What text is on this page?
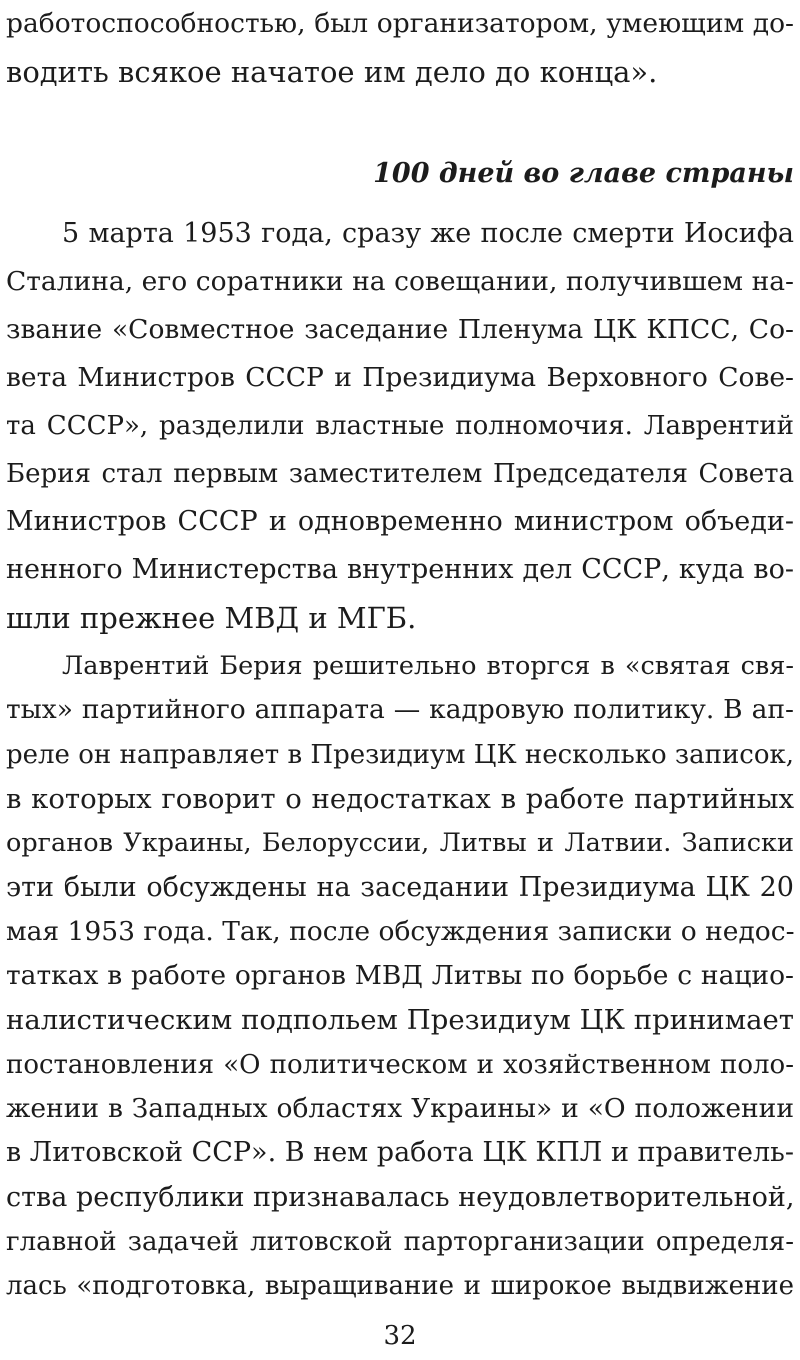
работоспособностью, был организатором, умеющим до-
водить всякое начатое им дело до конца».
100 дней во главе страны
5 марта 1953 года, сразу же после смерти Иосифа
Сталина, его соратники на совещании, получившем на-
звание «Совместное заседание Пленума ЦК КПСС, Со-
вета Министров СССР и Президиума Верховного Сове-
та СССР», разделили властные полномочия. Лаврентий
Берия стал первым заместителем Председателя Совета
Министров СССР и одновременно министром объеди-
ненного Министерства внутренних дел СССР, куда во-
шли прежнее МВД и МГБ.
Лаврентий Берия решительно вторгся в «святая свя-
тых» партийного аппарата — кадровую политику. В ап-
реле он направляет в Президиум ЦК несколько записок,
в которых говорит о недостатках в работе партийных
органов Украины, Белоруссии, Литвы и Латвии. Записки
эти были обсуждены на заседании Президиума ЦК 20
мая 1953 года. Так, после обсуждения записки о недос-
татках в работе органов МВД Литвы по борьбе с нацио-
налистическим подпольем Президиум ЦК принимает
постановления «О политическом и хозяйственном поло-
жении в Западных областях Украины» и «О положении
в Литовской ССР». В нем работа ЦК КПЛ и правитель-
ства республики признавалась неудовлетворительной,
главной задачей литовской парторганизации определя-
лась «подготовка, выращивание и широкое выдвижение
32
